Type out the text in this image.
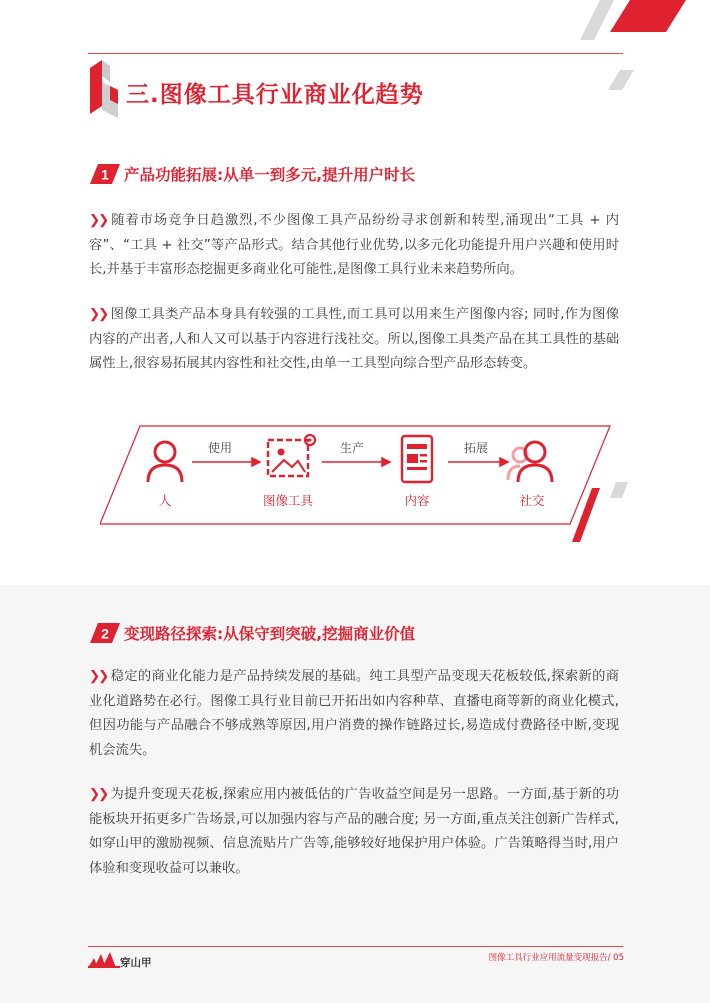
三.图像工具行业商业化趋势
1 产品功能拓展:从单一到多元,提升用户时长
❯❯ 随着市场竞争日趋激烈,不少图像工具产品纷纷寻求创新和转型,涌现出“工具 + 内容”、“工具 + 社交”等产品形式。结合其他行业优势,以多元化功能提升用户兴趣和使用时长,并基于丰富形态挖掘更多商业化可能性,是图像工具行业未来趋势所向。
❯❯ 图像工具类产品本身具有较强的工具性,而工具可以用来生产图像内容; 同时,作为图像内容的产出者,人和人又可以基于内容进行浅社交。所以,图像工具类产品在其工具性的基础属性上,很容易拓展其内容性和社交性,由单一工具型向综合型产品形态转变。
使用	生产	拓展
人	图像工具	内容	社交
2 变现路径探索:从保守到突破,挖掘商业价值
❯❯ 稳定的商业化能力是产品持续发展的基础。纯工具型产品变现天花板较低,探索新的商业化道路势在必行。图像工具行业目前已开拓出如内容种草、直播电商等新的商业化模式,但因功能与产品融合不够成熟等原因,用户消费的操作链路过长,易造成付费路径中断,变现机会流失。
❯❯ 为提升变现天花板,探索应用内被低估的广告收益空间是另一思路。一方面,基于新的功能板块开拓更多广告场景,可以加强内容与产品的融合度; 另一方面,重点关注创新广告样式,如穿山甲的激励视频、信息流贴片广告等,能够较好地保护用户体验。广告策略得当时,用户体验和变现收益可以兼收。
穿山甲	图像工具行业应用流量变现报告/ 05
